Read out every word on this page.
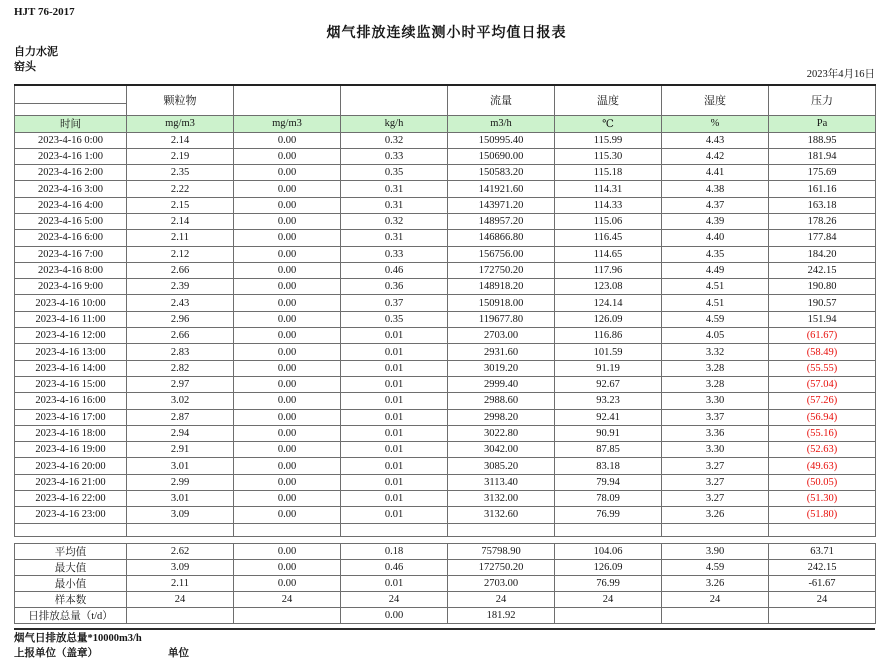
HJT 76-2017
烟气排放连续监测小时平均值日报表
自力水泥
窑头
2023年4月16日
	颗粒物			流量	温度	湿度	压力
时间	mg/m3	mg/m3	kg/h	m3/h	℃	%	Pa
2023-4-16 0:00	2.14	0.00	0.32	150995.40	115.99	4.43	188.95
2023-4-16 1:00	2.19	0.00	0.33	150690.00	115.30	4.42	181.94
2023-4-16 2:00	2.35	0.00	0.35	150583.20	115.18	4.41	175.69
2023-4-16 3:00	2.22	0.00	0.31	141921.60	114.31	4.38	161.16
2023-4-16 4:00	2.15	0.00	0.31	143971.20	114.33	4.37	163.18
2023-4-16 5:00	2.14	0.00	0.32	148957.20	115.06	4.39	178.26
2023-4-16 6:00	2.11	0.00	0.31	146866.80	116.45	4.40	177.84
2023-4-16 7:00	2.12	0.00	0.33	156756.00	114.65	4.35	184.20
2023-4-16 8:00	2.66	0.00	0.46	172750.20	117.96	4.49	242.15
2023-4-16 9:00	2.39	0.00	0.36	148918.20	123.08	4.51	190.80
2023-4-16 10:00	2.43	0.00	0.37	150918.00	124.14	4.51	190.57
2023-4-16 11:00	2.96	0.00	0.35	119677.80	126.09	4.59	151.94
2023-4-16 12:00	2.66	0.00	0.01	2703.00	116.86	4.05	(61.67)
2023-4-16 13:00	2.83	0.00	0.01	2931.60	101.59	3.32	(58.49)
2023-4-16 14:00	2.82	0.00	0.01	3019.20	91.19	3.28	(55.55)
2023-4-16 15:00	2.97	0.00	0.01	2999.40	92.67	3.28	(57.04)
2023-4-16 16:00	3.02	0.00	0.01	2988.60	93.23	3.30	(57.26)
2023-4-16 17:00	2.87	0.00	0.01	2998.20	92.41	3.37	(56.94)
2023-4-16 18:00	2.94	0.00	0.01	3022.80	90.91	3.36	(55.16)
2023-4-16 19:00	2.91	0.00	0.01	3042.00	87.85	3.30	(52.63)
2023-4-16 20:00	3.01	0.00	0.01	3085.20	83.18	3.27	(49.63)
2023-4-16 21:00	2.99	0.00	0.01	3113.40	79.94	3.27	(50.05)
2023-4-16 22:00	3.01	0.00	0.01	3132.00	78.09	3.27	(51.30)
2023-4-16 23:00	3.09	0.00	0.01	3132.60	76.99	3.26	(51.80)

平均值	2.62	0.00	0.18	75798.90	104.06	3.90	63.71
最大值	3.09	0.00	0.46	172750.20	126.09	4.59	242.15
最小值	2.11	0.00	0.01	2703.00	76.99	3.26	-61.67
样本数	24	24	24	24	24	24	24
日排放总量（t/d）			0.00	181.92			
烟气日排放总量*10000m3/h
上报单位（盖章）	单位
